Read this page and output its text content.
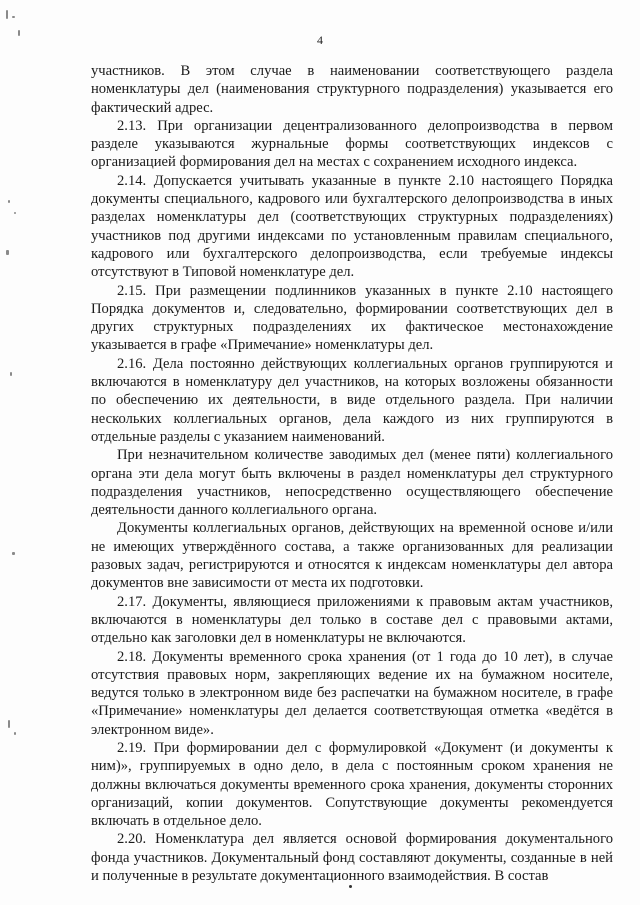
4

участников. В этом случае в наименовании соответствующего раздела номенклатуры дел (наименования структурного подразделения) указывается его фактический адрес.

2.13. При организации децентрализованного делопроизводства в первом разделе указываются журнальные формы соответствующих индексов с организацией формирования дел на местах с сохранением исходного индекса.

2.14. Допускается учитывать указанные в пункте 2.10 настоящего Порядка документы специального, кадрового или бухгалтерского делопроизводства в иных разделах номенклатуры дел (соответствующих структурных подразделениях) участников под другими индексами по установленным правилам специального, кадрового или бухгалтерского делопроизводства, если требуемые индексы отсутствуют в Типовой номенклатуре дел.

2.15. При размещении подлинников указанных в пункте 2.10 настоящего Порядка документов и, следовательно, формировании соответствующих дел в других структурных подразделениях их фактическое местонахождение указывается в графе «Примечание» номенклатуры дел.

2.16. Дела постоянно действующих коллегиальных органов группируются и включаются в номенклатуру дел участников, на которых возложены обязанности по обеспечению их деятельности, в виде отдельного раздела. При наличии нескольких коллегиальных органов, дела каждого из них группируются в отдельные разделы с указанием наименований.

При незначительном количестве заводимых дел (менее пяти) коллегиального органа эти дела могут быть включены в раздел номенклатуры дел структурного подразделения участников, непосредственно осуществляющего обеспечение деятельности данного коллегиального органа.

Документы коллегиальных органов, действующих на временной основе и/или не имеющих утверждённого состава, а также организованных для реализации разовых задач, регистрируются и относятся к индексам номенклатуры дел автора документов вне зависимости от места их подготовки.

2.17. Документы, являющиеся приложениями к правовым актам участников, включаются в номенклатуры дел только в составе дел с правовыми актами, отдельно как заголовки дел в номенклатуры не включаются.

2.18. Документы временного срока хранения (от 1 года до 10 лет), в случае отсутствия правовых норм, закрепляющих ведение их на бумажном носителе, ведутся только в электронном виде без распечатки на бумажном носителе, в графе «Примечание» номенклатуры дел делается соответствующая отметка «ведётся в электронном виде».

2.19. При формировании дел с формулировкой «Документ (и документы к ним)», группируемых в одно дело, в дела с постоянным сроком хранения не должны включаться документы временного срока хранения, документы сторонних организаций, копии документов. Сопутствующие документы рекомендуется включать в отдельное дело.

2.20. Номенклатура дел является основой формирования документального фонда участников. Документальный фонд составляют документы, созданные в ней и полученные в результате документационного взаимодействия. В состав
